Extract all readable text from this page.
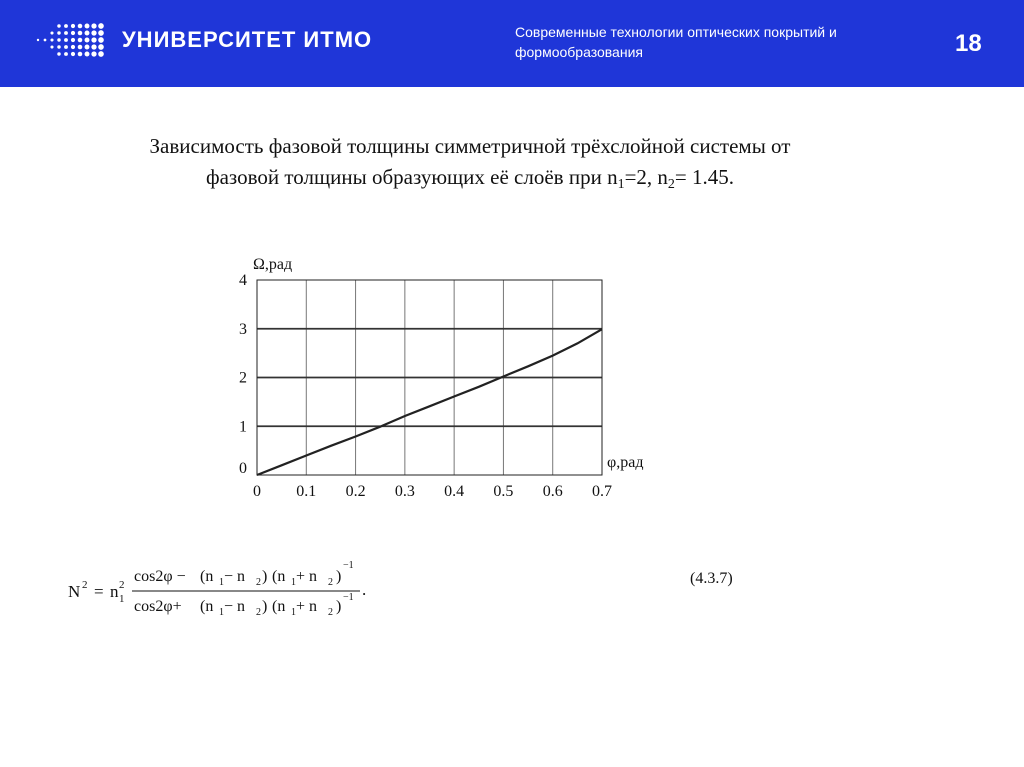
УНИВЕРСИТЕТ ИТМО	Современные технологии оптических покрытий и формообразования	18
Зависимость фазовой толщины симметричной трёхслойной системы от
фазовой толщины образующих её слоёв при $n_1=2$, $n_2= 1.45$.
0 0.1 0.2 0.3 0.4 0.5 0.6 0.7
0
1
2
3
4
Ω,рад
φ,рад
N 2 = n 1
2	.
cos2φ − (n 1 − n 2 ) (n 1 + n 2 )
−1
cos2φ+ (n 1 − n 2 ) (n 1 + n 2 )
−1
(4.3.7)
